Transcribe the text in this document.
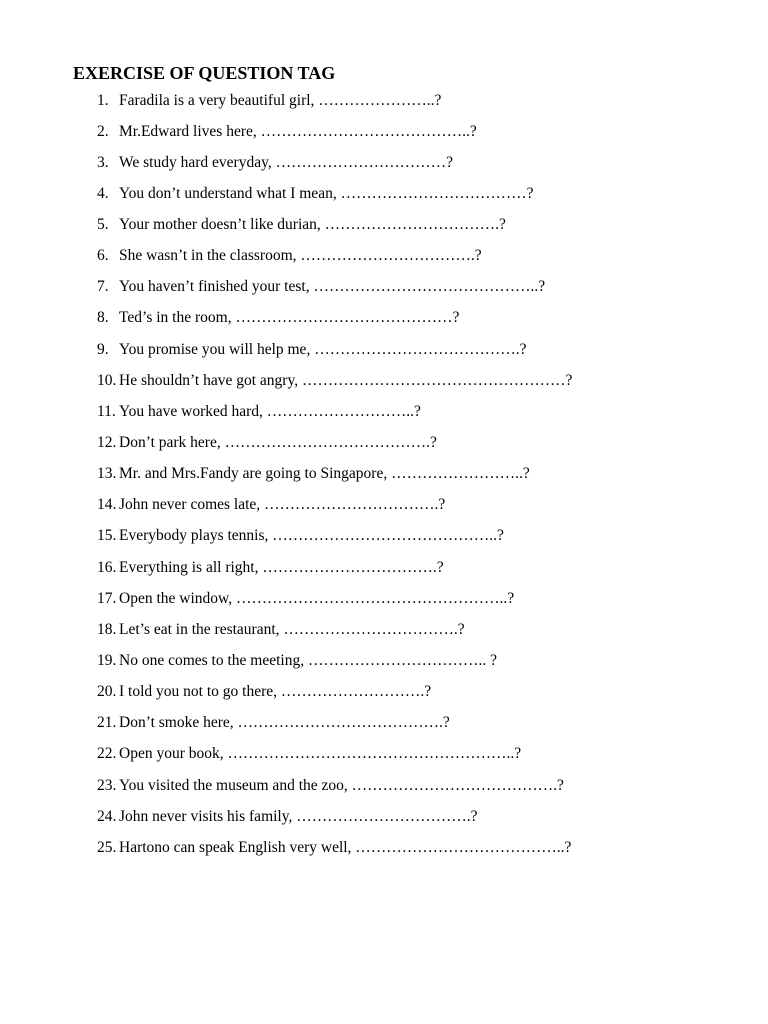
EXERCISE OF QUESTION TAG
1. Faradila is a very beautiful girl, …………………..?
2. Mr.Edward lives here, …………………………………..?
3. We study hard everyday, ……………………………?
4. You don’t understand what I mean, ………………………………?
5. Your mother doesn’t like durian, …………………………….?
6. She wasn’t in the classroom, …………………………….?
7. You haven’t finished your test, ……………………………………..?
8. Ted’s in the room, ……………………………………?
9. You promise you will help me, ………………………………….?
10. He shouldn’t have got angry, ……………………………………………?
11. You have worked hard, ………………………..?
12. Don’t park here, ………………………………….?
13. Mr. and Mrs.Fandy are going to Singapore, ……………………..?
14. John never comes late, …………………………….?
15. Everybody plays tennis, ……………………………………..?
16. Everything is all right, …………………………….?
17. Open the window, ……………………………………………..?
18. Let’s eat in the restaurant, …………………………….?
19. No one comes to the meeting, …………………………….. ?
20. I told you not to go there, ……………………….?
21. Don’t smoke here, ………………………………….?
22. Open your book, ………………………………………………..?
23. You visited the museum and the zoo, ………………………………….?
24. John never visits his family, …………………………….?
25. Hartono can speak English very well, …………………………………..?
